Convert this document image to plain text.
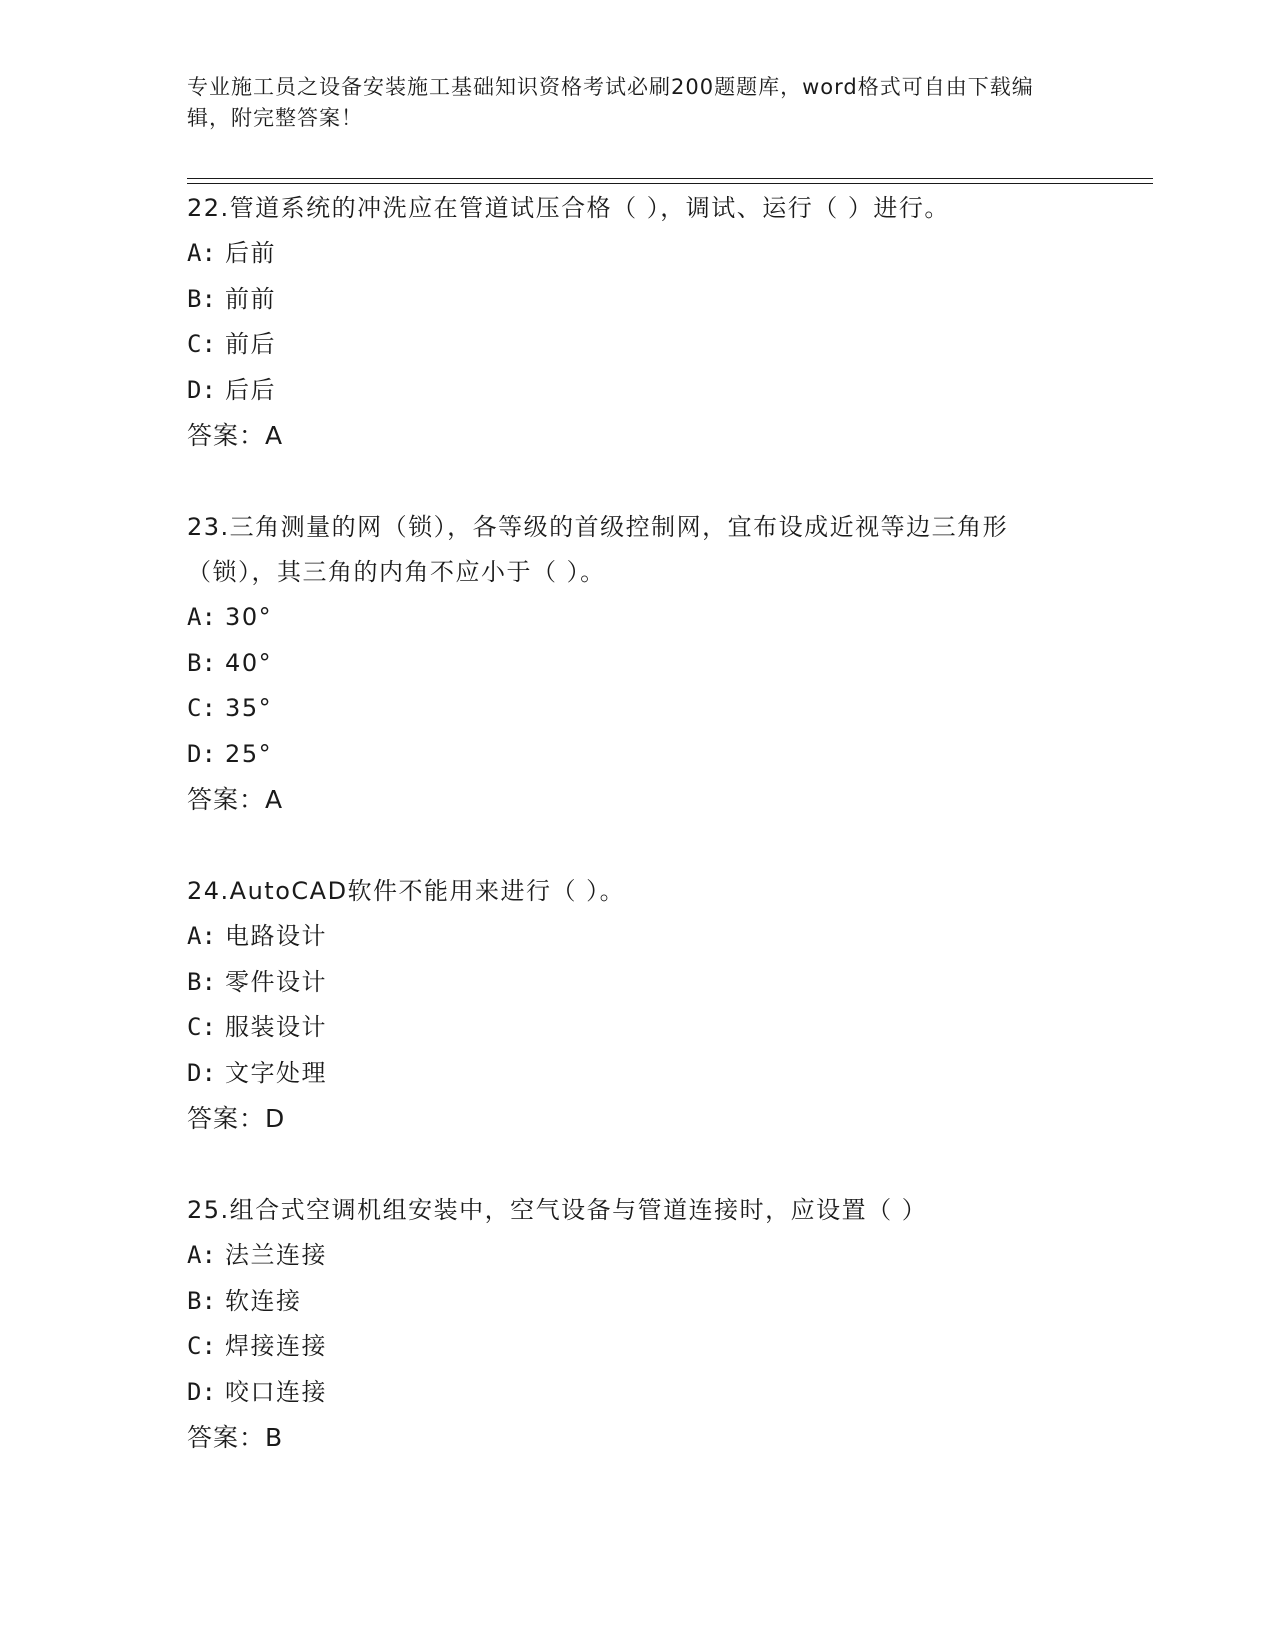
专业施工员之设备安装施工基础知识资格考试必刷200题题库，word格式可自由下载编辑，附完整答案！
22.管道系统的冲洗应在管道试压合格（ ），调试、运行（ ）进行。
A: 后前
B: 前前
C: 前后
D: 后后
答案：A
23.三角测量的网（锁），各等级的首级控制网，宜布设成近视等边三角形（锁），其三角的内角不应小于（ ）。
A: 30°
B: 40°
C: 35°
D: 25°
答案：A
24.AutoCAD软件不能用来进行（ ）。
A: 电路设计
B: 零件设计
C: 服装设计
D: 文字处理
答案：D
25.组合式空调机组安装中，空气设备与管道连接时，应设置（ ）
A: 法兰连接
B: 软连接
C: 焊接连接
D: 咬口连接
答案：B
